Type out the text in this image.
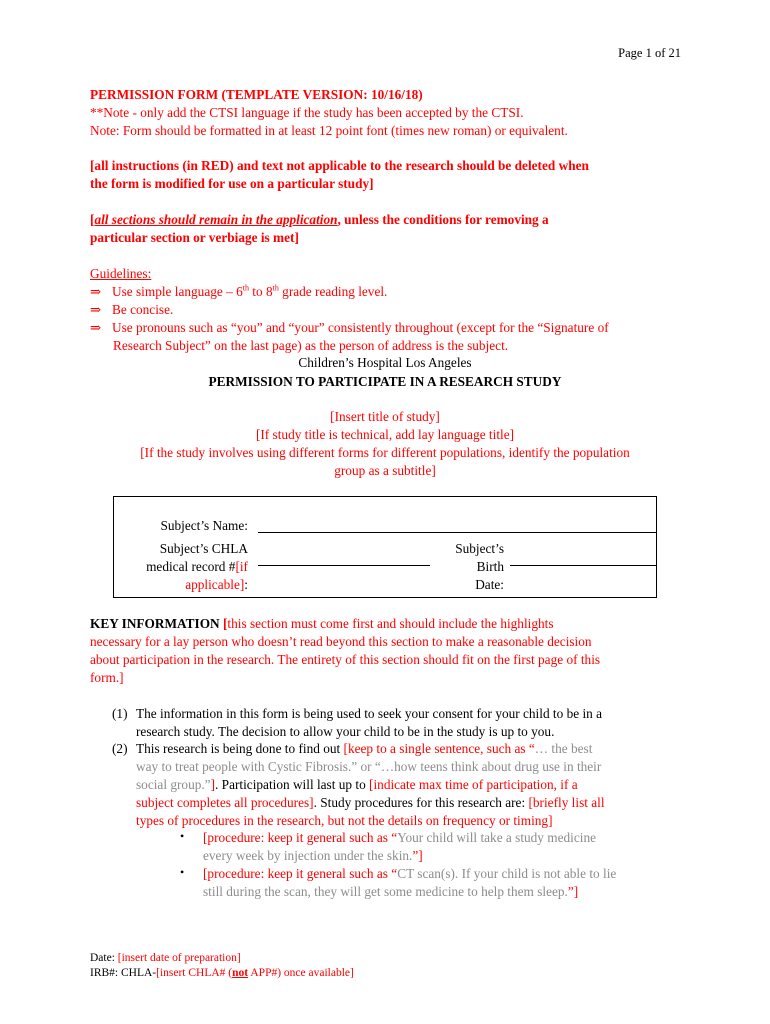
Page 1 of 21
PERMISSION FORM (TEMPLATE VERSION: 10/16/18)
**Note - only add the CTSI language if the study has been accepted by the CTSI.
Note: Form should be formatted in at least 12 point font (times new roman) or equivalent.
[all instructions (in RED) and text not applicable to the research should be deleted when
the form is modified for use on a particular study]
[all sections should remain in the application, unless the conditions for removing a
particular section or verbiage is met]
Guidelines:
⇒ Use simple language – 6th to 8th grade reading level.
⇒ Be concise.
⇒ Use pronouns such as “you” and “your” consistently throughout (except for the “Signature of
Research Subject” on the last page) as the person of address is the subject.
Children’s Hospital Los Angeles
PERMISSION TO PARTICIPATE IN A RESEARCH STUDY
[Insert title of study]
[If study title is technical, add lay language title]
[If the study involves using different forms for different populations, identify the population
group as a subtitle]
Subject’s Name:
Subject’s CHLA
medical record #[if
applicable]:
Subject’s
Birth
Date:
KEY INFORMATION [this section must come first and should include the highlights
necessary for a lay person who doesn’t read beyond this section to make a reasonable decision
about participation in the research. The entirety of this section should fit on the first page of this
form.]
(1) The information in this form is being used to seek your consent for your child to be in a
research study. The decision to allow your child to be in the study is up to you.
(2) This research is being done to find out [keep to a single sentence, such as “… the best
way to treat people with Cystic Fibrosis.” or “…how teens think about drug use in their
social group.”]. Participation will last up to [indicate max time of participation, if a
subject completes all procedures]. Study procedures for this research are: [briefly list all
types of procedures in the research, but not the details on frequency or timing]
• [procedure: keep it general such as “Your child will take a study medicine
every week by injection under the skin.”]
• [procedure: keep it general such as “CT scan(s). If your child is not able to lie
still during the scan, they will get some medicine to help them sleep.”]
Date: [insert date of preparation]
IRB#: CHLA-[insert CHLA# (not APP#) once available]
